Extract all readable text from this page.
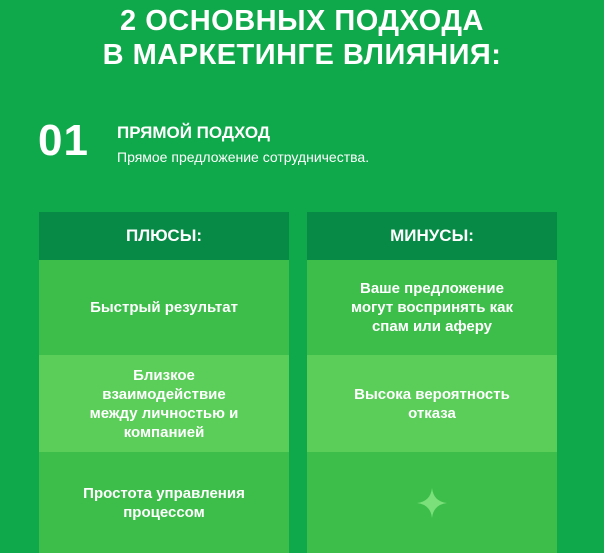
2 ОСНОВНЫХ ПОДХОДА
В МАРКЕТИНГЕ ВЛИЯНИЯ:
01 ПРЯМОЙ ПОДХОД
Прямое предложение сотрудничества.
ПЛЮСЫ:
Быстрый результат
Близкое взаимодействие между личностью и компанией
Простота управления процессом
МИНУСЫ:
Ваше предложение могут воспринять как спам или аферу
Высока вероятность отказа
